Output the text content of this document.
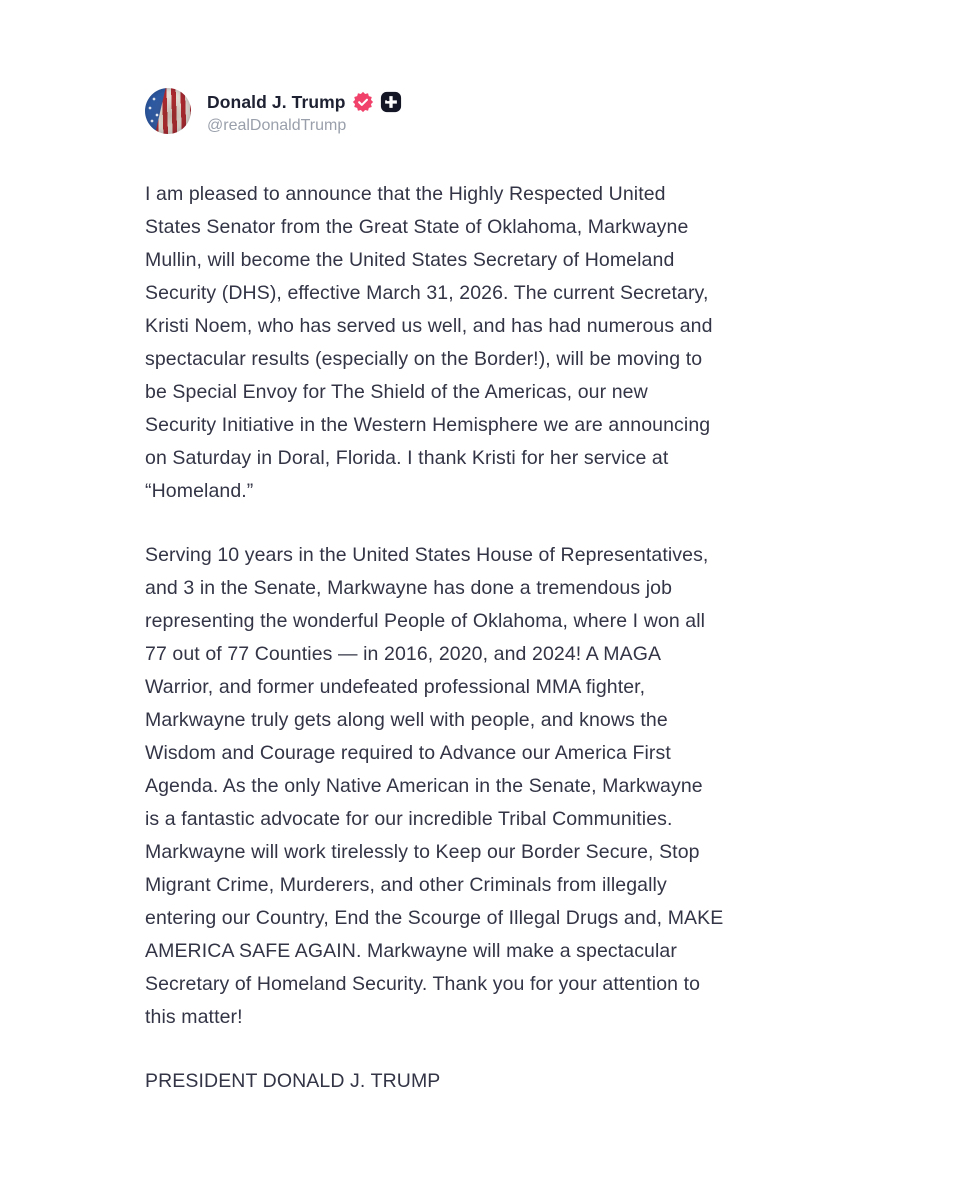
Donald J. Trump
@realDonaldTrump
I am pleased to announce that the Highly Respected United
States Senator from the Great State of Oklahoma, Markwayne
Mullin, will become the United States Secretary of Homeland
Security (DHS), effective March 31, 2026. The current Secretary,
Kristi Noem, who has served us well, and has had numerous and
spectacular results (especially on the Border!), will be moving to
be Special Envoy for The Shield of the Americas, our new
Security Initiative in the Western Hemisphere we are announcing
on Saturday in Doral, Florida. I thank Kristi for her service at
“Homeland.”
Serving 10 years in the United States House of Representatives,
and 3 in the Senate, Markwayne has done a tremendous job
representing the wonderful People of Oklahoma, where I won all
77 out of 77 Counties — in 2016, 2020, and 2024! A MAGA
Warrior, and former undefeated professional MMA fighter,
Markwayne truly gets along well with people, and knows the
Wisdom and Courage required to Advance our America First
Agenda. As the only Native American in the Senate, Markwayne
is a fantastic advocate for our incredible Tribal Communities.
Markwayne will work tirelessly to Keep our Border Secure, Stop
Migrant Crime, Murderers, and other Criminals from illegally
entering our Country, End the Scourge of Illegal Drugs and, MAKE
AMERICA SAFE AGAIN. Markwayne will make a spectacular
Secretary of Homeland Security. Thank you for your attention to
this matter!
PRESIDENT DONALD J. TRUMP
